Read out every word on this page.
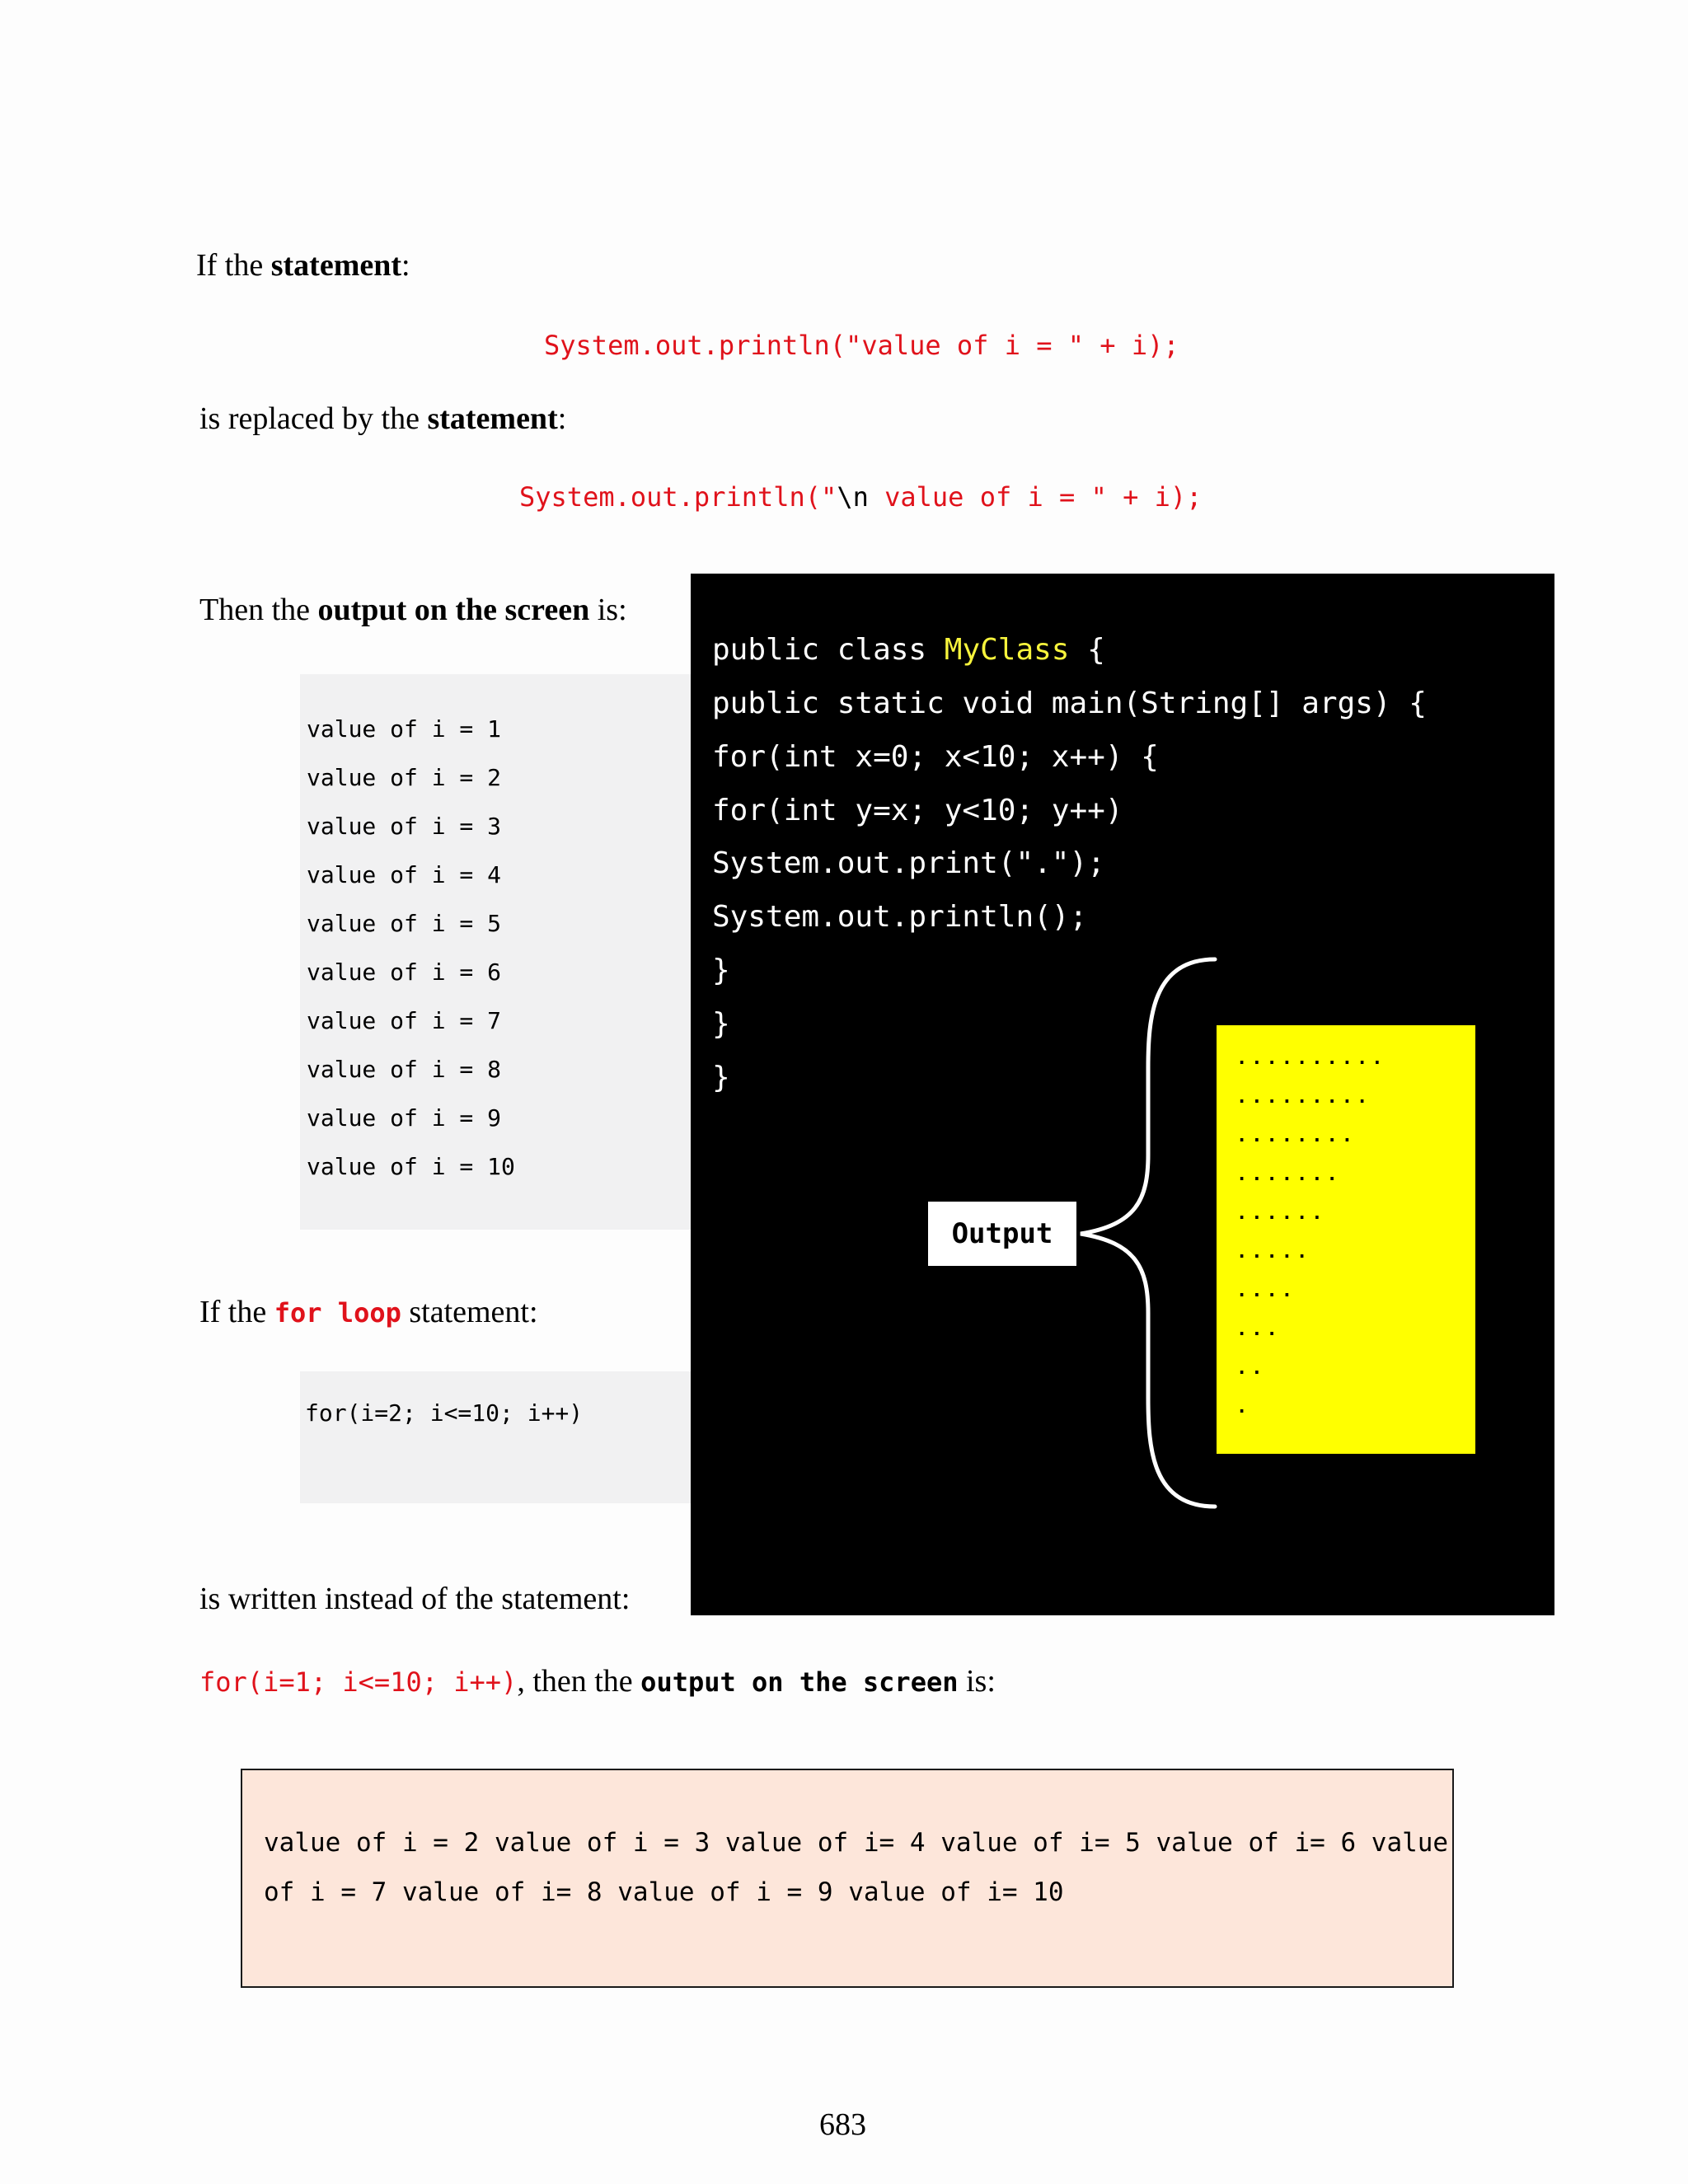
If the statement:
System.out.println("value of i = " + i);
is replaced by the statement:
System.out.println("\n value of i = " + i);
Then the output on the screen is:
value of i = 1
value of i = 2
value of i = 3
value of i = 4
value of i = 5
value of i = 6
value of i = 7
value of i = 8
value of i = 9
value of i = 10
If the for loop statement:
for(i=2; i<=10; i++)
public class MyClass {
public static void main(String[] args) {
for(int x=0; x<10; x++) {
for(int y=x; y<10; y++)
System.out.print(".");
System.out.println();
}
}
}
Output
..........
.........
........
.......
......
.....
....
...
..
.
is written instead of the statement:
for(i=1; i<=10; i++), then the output on the screen is:
value of i = 2 value of i = 3 value of i= 4 value of i= 5 value of i= 6 value
of i = 7 value of i= 8 value of i = 9 value of i= 10
683
